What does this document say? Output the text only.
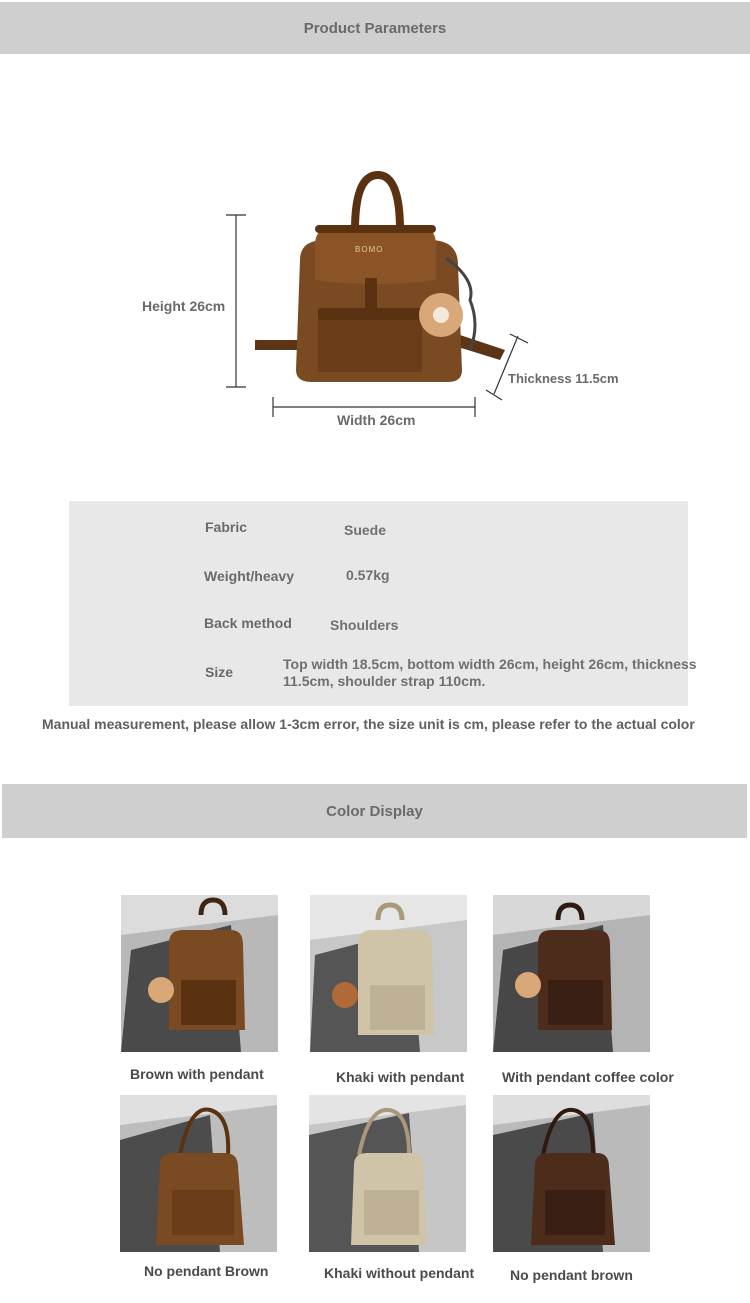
Product Parameters
Height 26cm
Width 26cm
Thickness 11.5cm
BOMO
Fabric	Suede
Weight/heavy	0.57kg
Back method	Shoulders
Size	Top width 18.5cm, bottom width 26cm, height 26cm, thickness 11.5cm, shoulder strap 110cm.
Manual measurement, please allow 1-3cm error, the size unit is cm, please refer to the actual color
Color Display
Brown with pendant	Khaki with pendant	With pendant coffee color
No pendant Brown	Khaki without pendant	No pendant brown
